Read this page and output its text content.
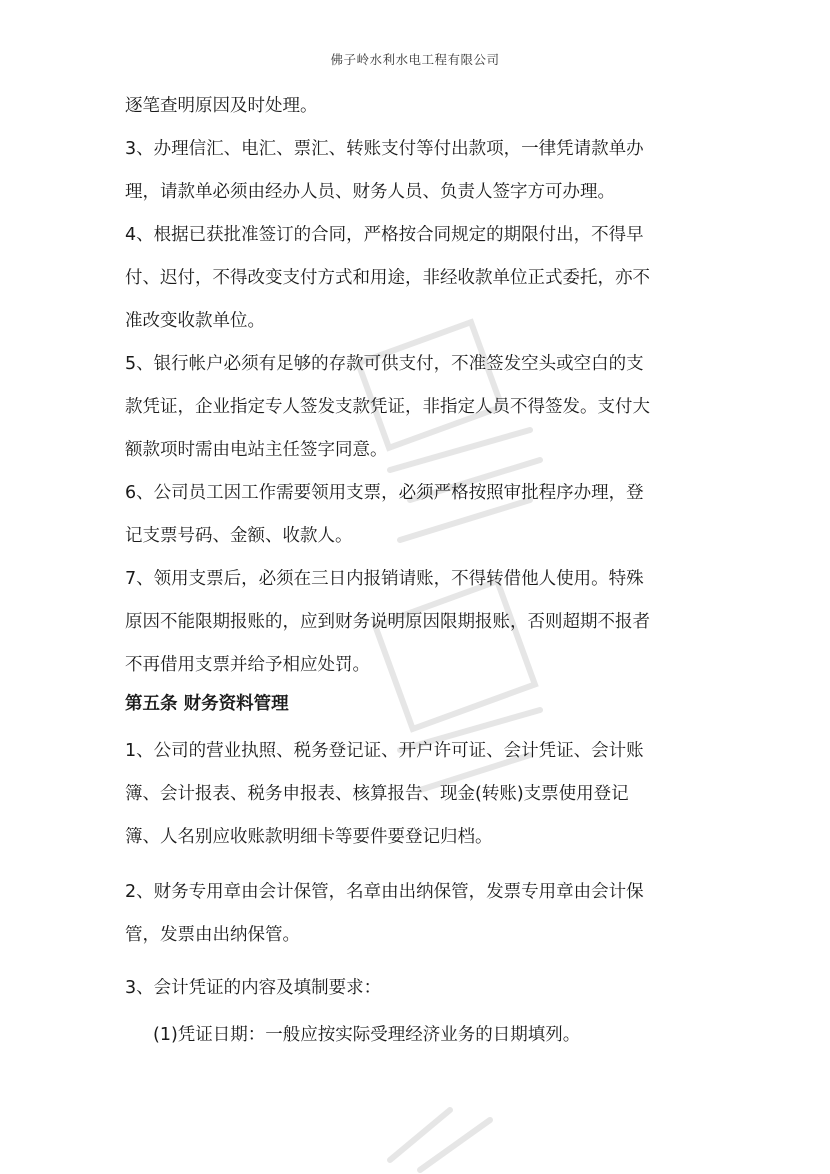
佛子岭水利水电工程有限公司
逐笔查明原因及时处理。
3、办理信汇、电汇、票汇、转账支付等付出款项，一律凭请款单办
理，请款单必须由经办人员、财务人员、负责人签字方可办理。
4、根据已获批准签订的合同，严格按合同规定的期限付出，不得早
付、迟付，不得改变支付方式和用途，非经收款单位正式委托，亦不
准改变收款单位。
5、银行帐户必须有足够的存款可供支付，不准签发空头或空白的支
款凭证，企业指定专人签发支款凭证，非指定人员不得签发。支付大
额款项时需由电站主任签字同意。
6、公司员工因工作需要领用支票，必须严格按照审批程序办理，登
记支票号码、金额、收款人。
7、领用支票后，必须在三日内报销请账，不得转借他人使用。特殊
原因不能限期报账的，应到财务说明原因限期报账，否则超期不报者
不再借用支票并给予相应处罚。
第五条 财务资料管理
1、公司的营业执照、税务登记证、开户许可证、会计凭证、会计账
簿、会计报表、税务申报表、核算报告、现金(转账)支票使用登记
簿、人名别应收账款明细卡等要件要登记归档。
2、财务专用章由会计保管，名章由出纳保管，发票专用章由会计保
管，发票由出纳保管。
3、会计凭证的内容及填制要求：
(1)凭证日期：一般应按实际受理经济业务的日期填列。
